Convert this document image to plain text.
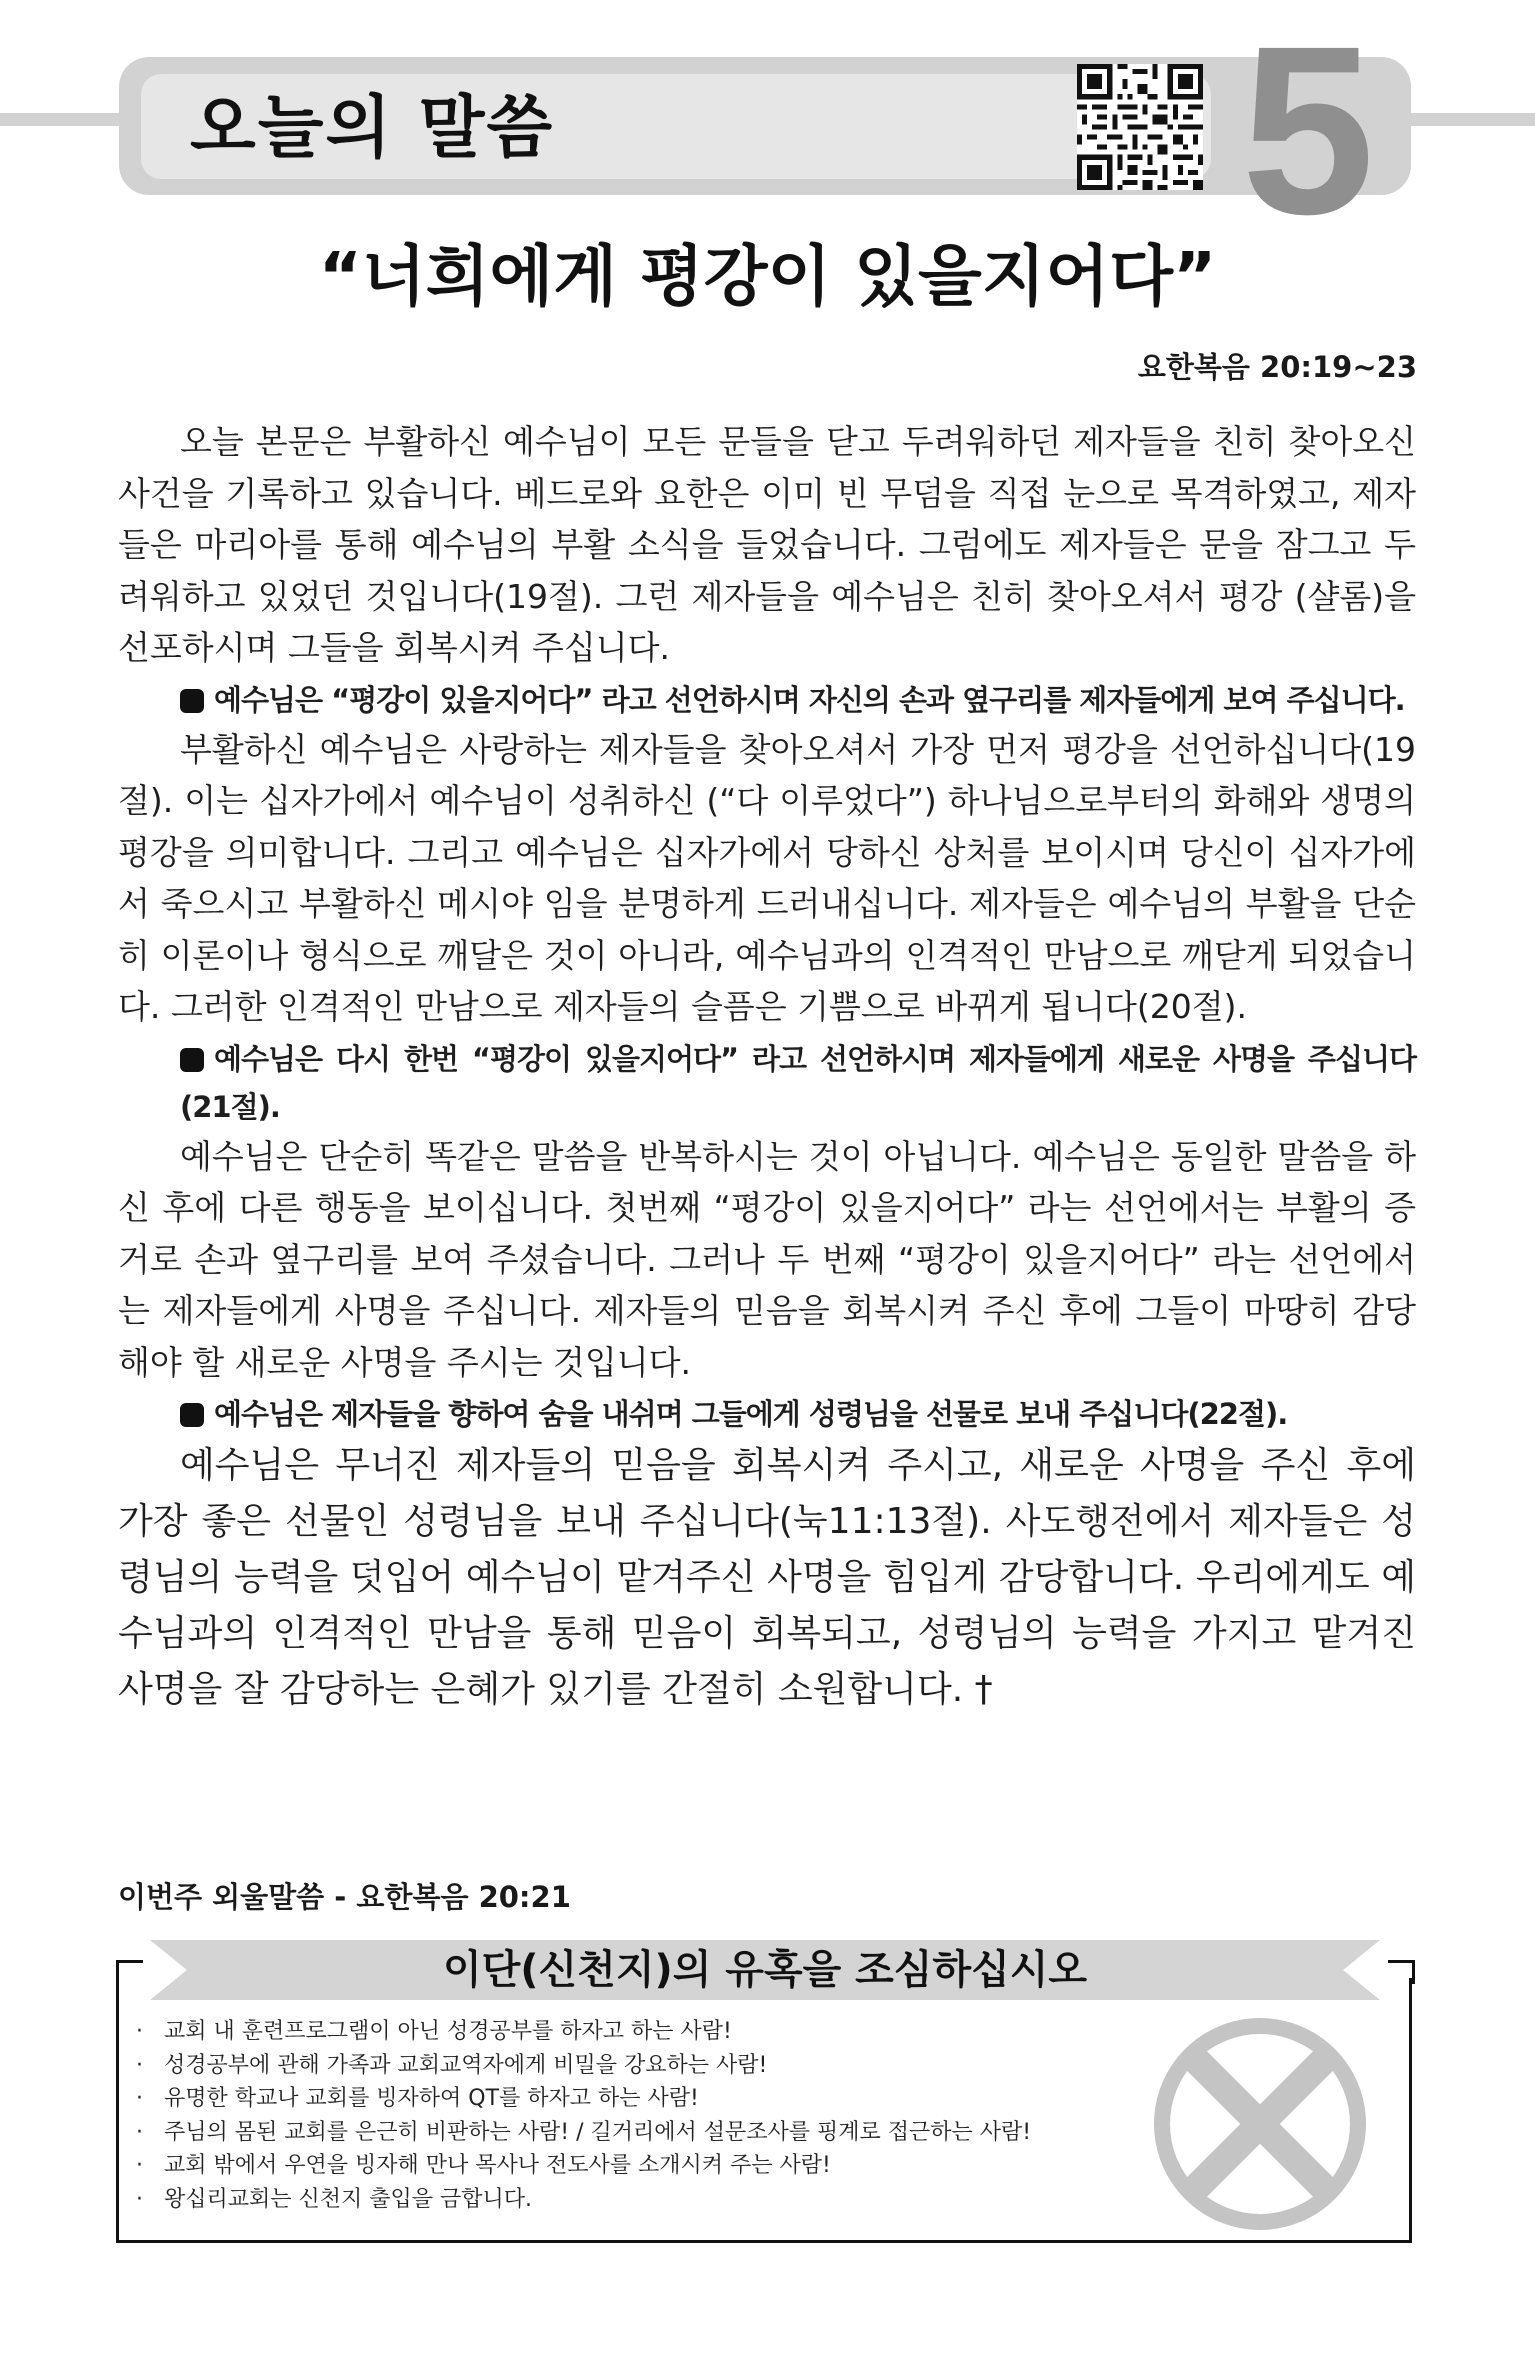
오늘의 말씀	5
“너희에게 평강이 있을지어다”
요한복음 20:19~23

오늘 본문은 부활하신 예수님이 모든 문들을 닫고 두려워하던 제자들을 친히 찾아오신 사건을 기록하고 있습니다. 베드로와 요한은 이미 빈 무덤을 직접 눈으로 목격하였고, 제자들은 마리아를 통해 예수님의 부활 소식을 들었습니다. 그럼에도 제자들은 문을 잠그고 두려워하고 있었던 것입니다(19절). 그런 제자들을 예수님은 친히 찾아오셔서 평강 (샬롬)을 선포하시며 그들을 회복시켜 주십니다.

예수님은 “평강이 있을지어다” 라고 선언하시며 자신의 손과 옆구리를 제자들에게 보여 주십니다.

부활하신 예수님은 사랑하는 제자들을 찾아오셔서 가장 먼저 평강을 선언하십니다(19절). 이는 십자가에서 예수님이 성취하신 (“다 이루었다”) 하나님으로부터의 화해와 생명의 평강을 의미합니다. 그리고 예수님은 십자가에서 당하신 상처를 보이시며 당신이 십자가에서 죽으시고 부활하신 메시야 임을 분명하게 드러내십니다. 제자들은 예수님의 부활을 단순히 이론이나 형식으로 깨달은 것이 아니라, 예수님과의 인격적인 만남으로 깨닫게 되었습니다. 그러한 인격적인 만남으로 제자들의 슬픔은 기쁨으로 바뀌게 됩니다(20절).

예수님은 다시 한번 “평강이 있을지어다” 라고 선언하시며 제자들에게 새로운 사명을 주십니다(21절).

예수님은 단순히 똑같은 말씀을 반복하시는 것이 아닙니다. 예수님은 동일한 말씀을 하신 후에 다른 행동을 보이십니다. 첫번째 “평강이 있을지어다” 라는 선언에서는 부활의 증거로 손과 옆구리를 보여 주셨습니다. 그러나 두 번째 “평강이 있을지어다” 라는 선언에서는 제자들에게 사명을 주십니다. 제자들의 믿음을 회복시켜 주신 후에 그들이 마땅히 감당해야 할 새로운 사명을 주시는 것입니다.

예수님은 제자들을 향하여 숨을 내쉬며 그들에게 성령님을 선물로 보내 주십니다(22절).

예수님은 무너진 제자들의 믿음을 회복시켜 주시고, 새로운 사명을 주신 후에 가장 좋은 선물인 성령님을 보내 주십니다(눅11:13절). 사도행전에서 제자들은 성령님의 능력을 덧입어 예수님이 맡겨주신 사명을 힘입게 감당합니다. 우리에게도 예수님과의 인격적인 만남을 통해 믿음이 회복되고, 성령님의 능력을 가지고 맡겨진 사명을 잘 감당하는 은혜가 있기를 간절히 소원합니다. †

이번주 외울말씀 - 요한복음 20:21
이단(신천지)의 유혹을 조심하십시오
· 교회 내 훈련프로그램이 아닌 성경공부를 하자고 하는 사람!
· 성경공부에 관해 가족과 교회교역자에게 비밀을 강요하는 사람!
· 유명한 학교나 교회를 빙자하여 QT를 하자고 하는 사람!
· 주님의 몸된 교회를 은근히 비판하는 사람! / 길거리에서 설문조사를 핑계로 접근하는 사람!
· 교회 밖에서 우연을 빙자해 만나 목사나 전도사를 소개시켜 주는 사람!
· 왕십리교회는 신천지 출입을 금합니다.
